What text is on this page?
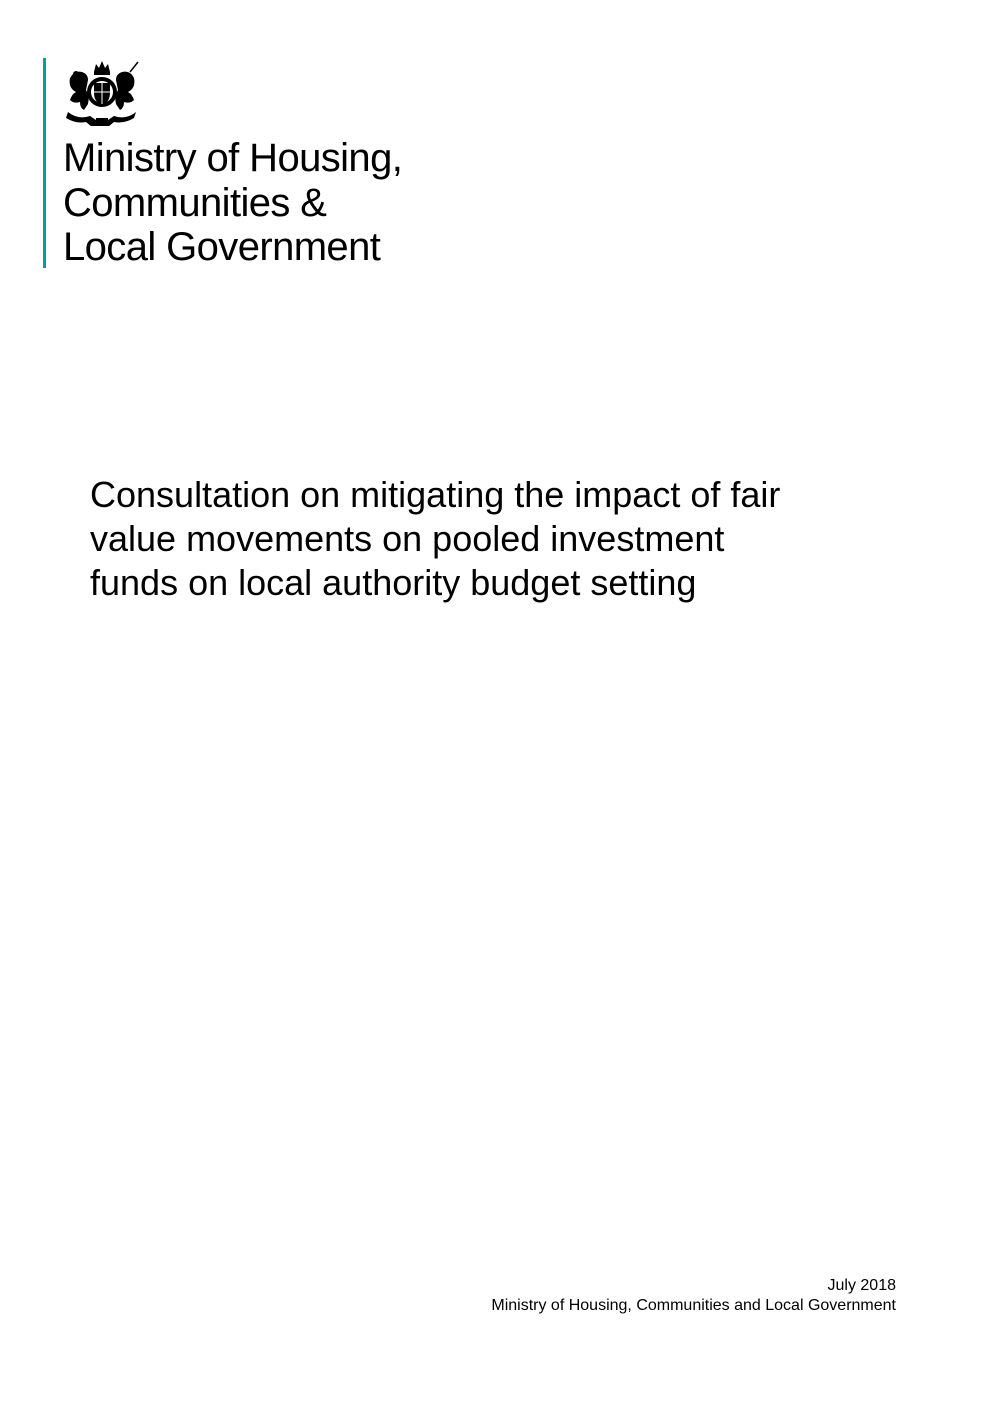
Ministry of Housing,
Communities &
Local Government
Consultation on mitigating the impact of fair
value movements on pooled investment
funds on local authority budget setting
July 2018
Ministry of Housing, Communities and Local Government
